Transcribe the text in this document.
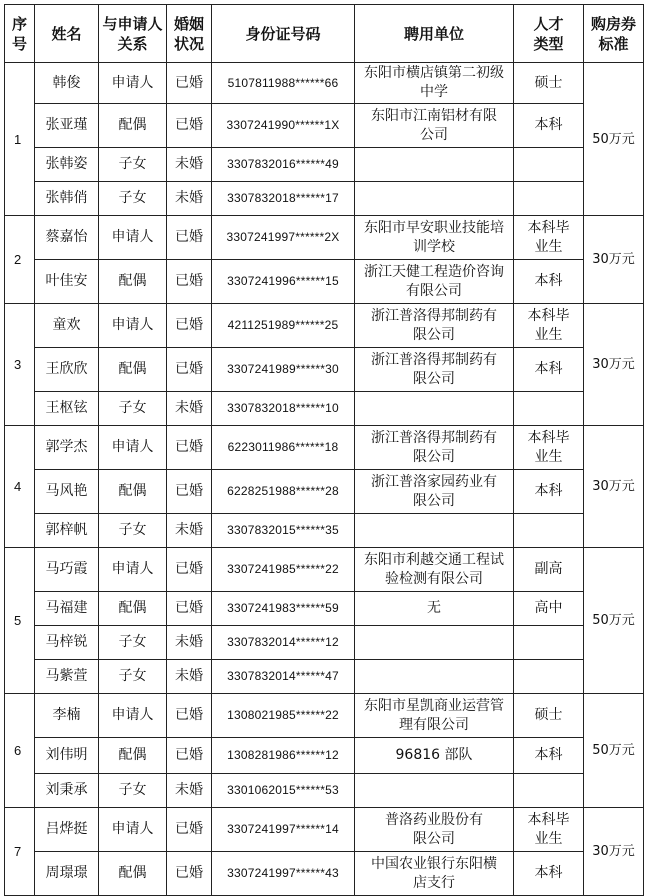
序号	姓名	与申请人关系	婚姻状况	身份证号码	聘用单位	人才类型	购房券标准
1	韩俊	申请人	已婚	5107811988******66	东阳市横店镇第二初级中学	硕士	50万元
	张亚瑾	配偶	已婚	3307241990******1X	东阳市江南铝材有限公司	本科	
	张韩姿	子女	未婚	3307832016******49			
	张韩俏	子女	未婚	3307832018******17			
2	蔡嘉怡	申请人	已婚	3307241997******2X	东阳市早安职业技能培训学校	本科毕业生	30万元
	叶佳安	配偶	已婚	3307241996******15	浙江天健工程造价咨询有限公司	本科	
3	童欢	申请人	已婚	4211251989******25	浙江普洛得邦制药有限公司	本科毕业生	30万元
	王欣欣	配偶	已婚	3307241989******30	浙江普洛得邦制药有限公司	本科	
	王枢铉	子女	未婚	3307832018******10			
4	郭学杰	申请人	已婚	6223011986******18	浙江普洛得邦制药有限公司	本科毕业生	30万元
	马风艳	配偶	已婚	6228251988******28	浙江普洛家园药业有限公司	本科	
	郭梓帆	子女	未婚	3307832015******35			
5	马巧霞	申请人	已婚	3307241985******22	东阳市利越交通工程试验检测有限公司	副高	50万元
	马福建	配偶	已婚	3307241983******59	无	高中	
	马梓锐	子女	未婚	3307832014******12			
	马紫萱	子女	未婚	3307832014******47			
6	李楠	申请人	已婚	1308021985******22	东阳市星凯商业运营管理有限公司	硕士	50万元
	刘伟明	配偶	已婚	1308281986******12	96816 部队	本科	
	刘秉承	子女	未婚	3301062015******53			
7	吕烨挺	申请人	已婚	3307241997******14	普洛药业股份有限公司	本科毕业生	30万元
	周璟璟	配偶	已婚	3307241997******43	中国农业银行东阳横店支行	本科	
